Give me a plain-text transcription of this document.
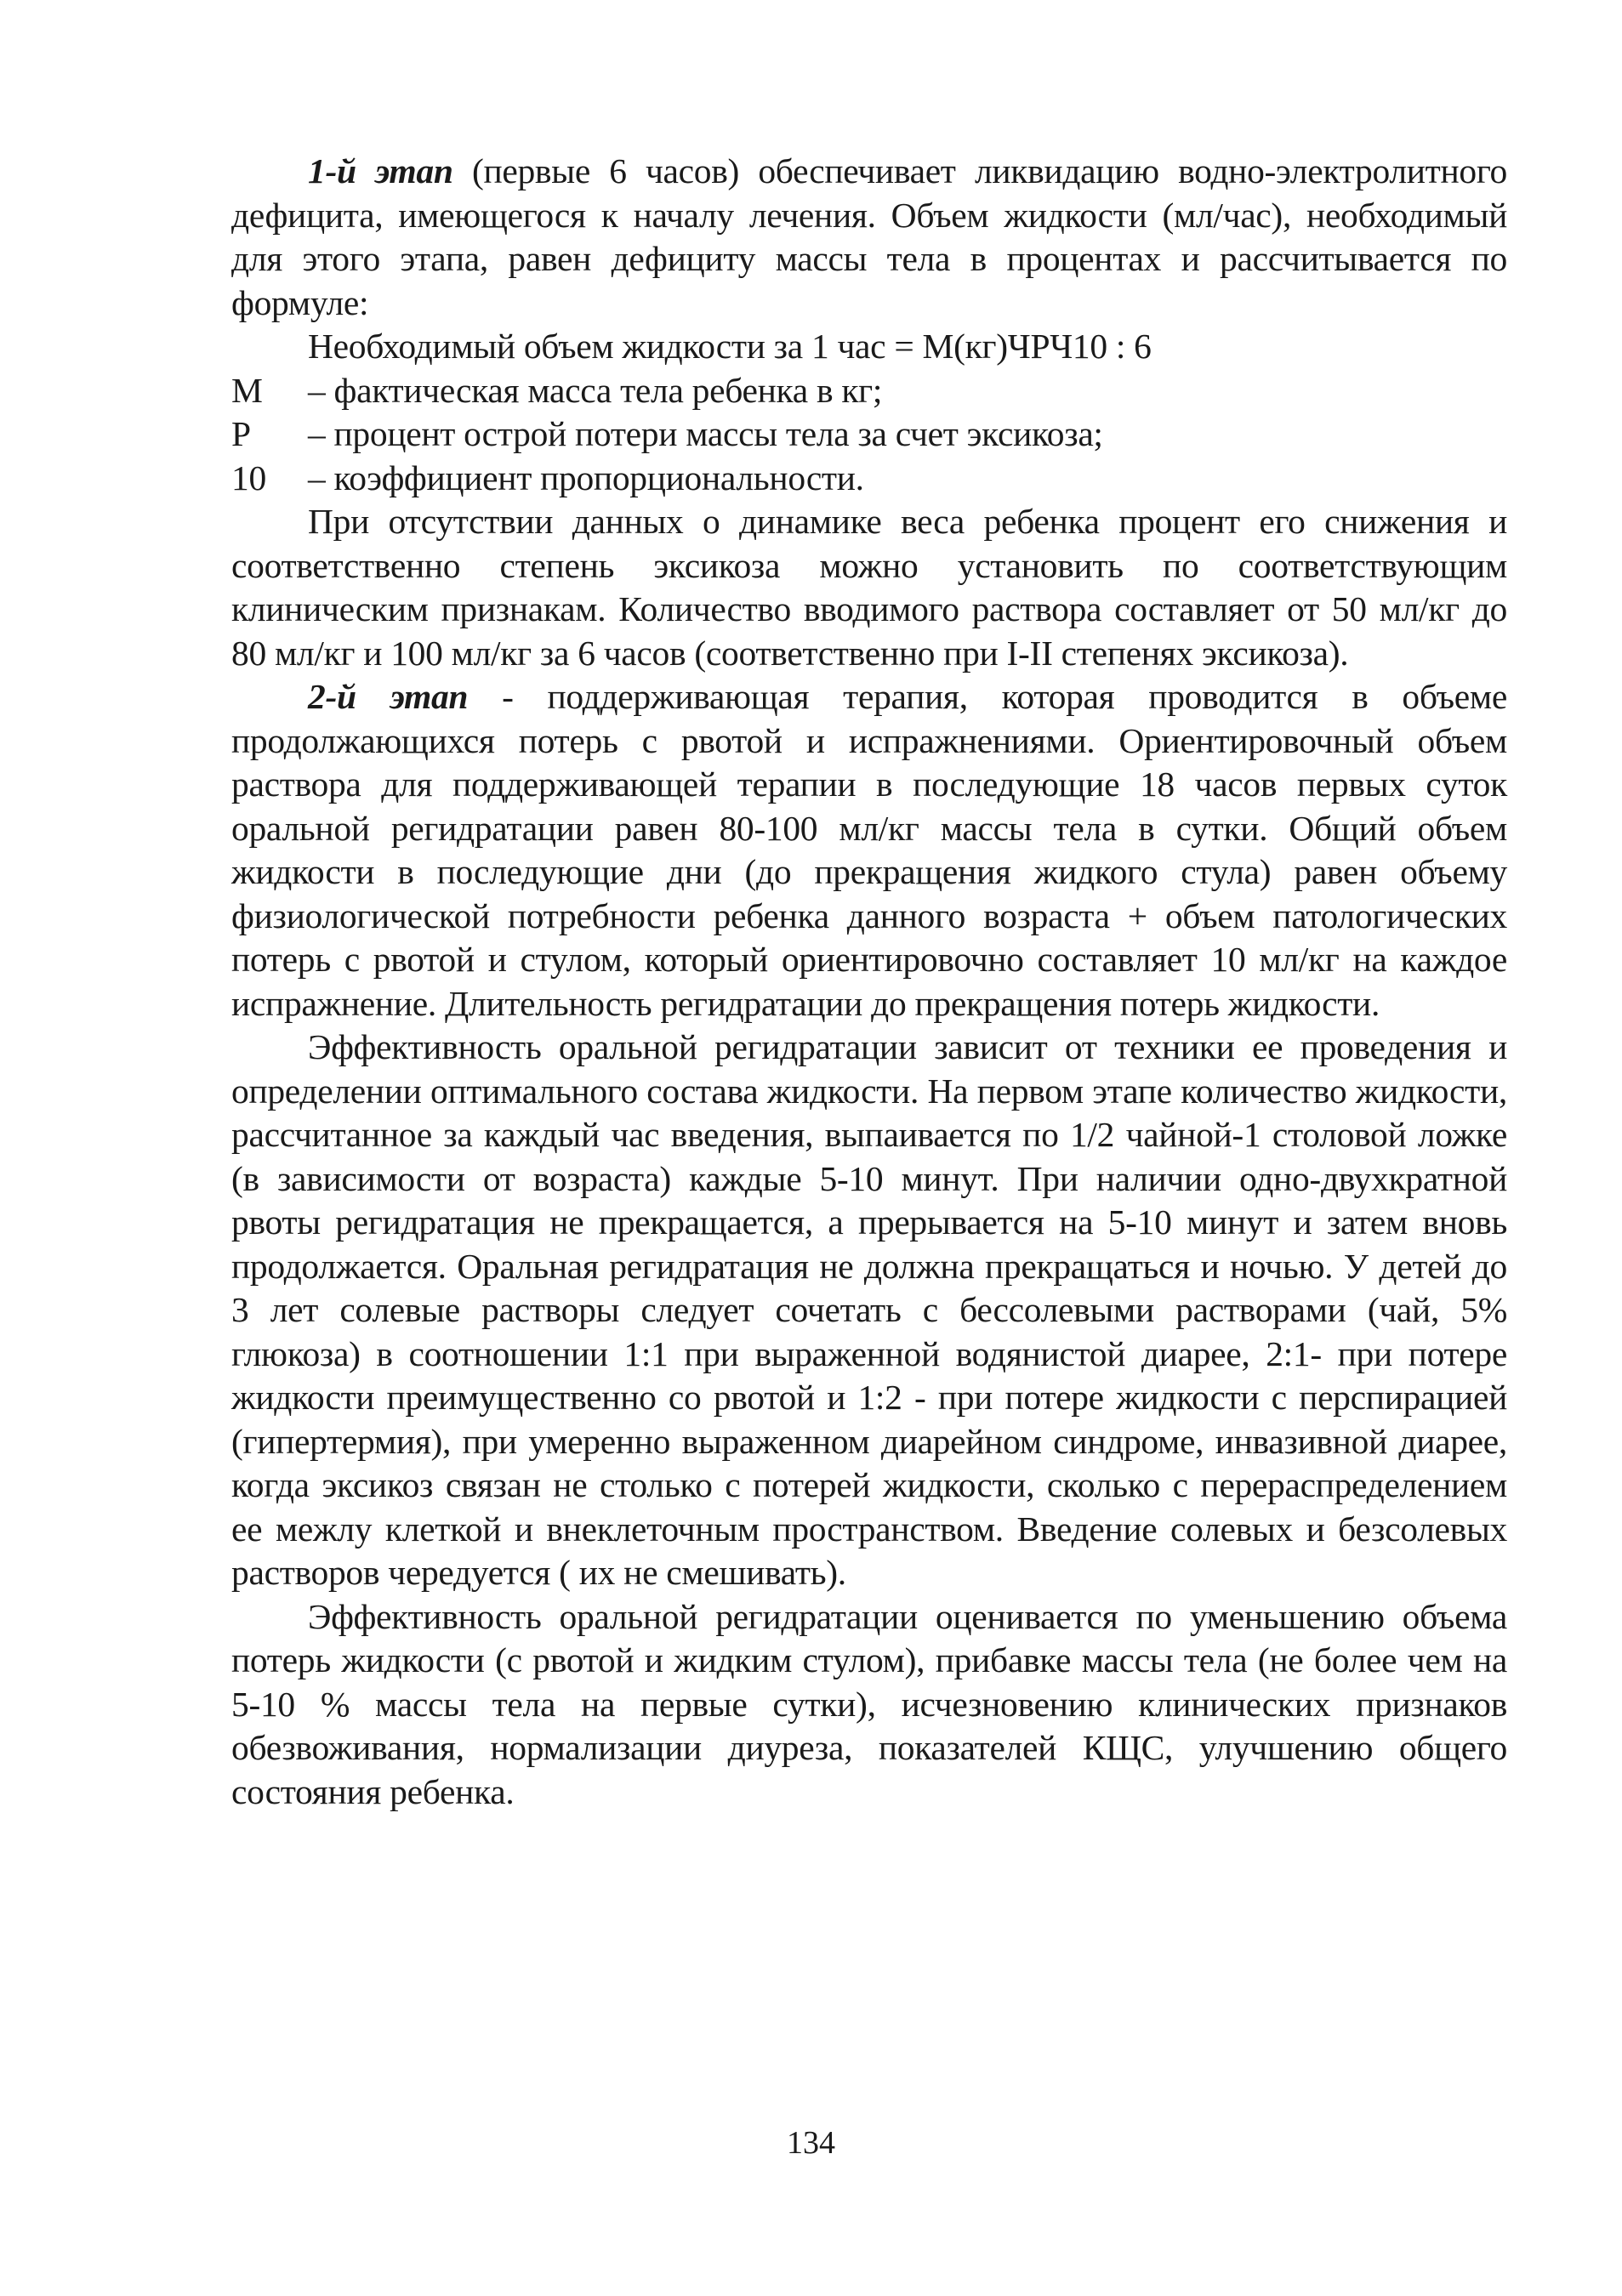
1-й этап (первые 6 часов) обеспечивает ликвидацию водно-электролитного дефицита, имеющегося к началу лечения. Объем жидкости (мл/час), необходимый для этого этапа, равен дефициту массы тела в процентах и рассчитывается по формуле:

Необходимый объем жидкости за 1 час = М(кг)ЧРЧ10 : 6

М	– фактическая масса тела ребенка в кг;
Р	– процент острой потери массы тела за счет эксикоза;
10	– коэффициент пропорциональности.

При отсутствии данных о динамике веса ребенка процент его снижения и соответственно степень эксикоза можно установить по соответствующим клиническим признакам. Количество вводимого раствора составляет от 50 мл/кг до 80 мл/кг и 100 мл/кг за 6 часов (соответственно при I-II степенях эксикоза).

2-й этап - поддерживающая терапия, которая проводится в объеме продолжающихся потерь с рвотой и испражнениями. Ориентировочный объем раствора для поддерживающей терапии в последующие 18 часов первых суток оральной регидратации равен 80-100 мл/кг массы тела в сутки. Общий объем жидкости в последующие дни (до прекращения жидкого стула) равен объему физиологической потребности ребенка данного возраста + объем патологических потерь с рвотой и стулом, который ориентировочно составляет 10 мл/кг на каждое испражнение. Длительность регидратации до прекращения потерь жидкости.

Эффективность оральной регидратации зависит от техники ее проведения и определении оптимального состава жидкости. На первом этапе количество жидкости, рассчитанное за каждый час введения, выпаивается по 1/2 чайной-1 столовой ложке (в зависимости от возраста) каждые 5-10 минут. При наличии одно-двухкратной рвоты регидратация не прекращается, а прерывается на 5-10 минут и затем вновь продолжается. Оральная регидратация не должна прекращаться и ночью. У детей до 3 лет солевые растворы следует сочетать с бессолевыми растворами (чай, 5% глюкоза) в соотношении 1:1 при выраженной водянистой диарее, 2:1- при потере жидкости преимущественно со рвотой и 1:2 - при потере жидкости с перспирацией (гипертермия), при умеренно выраженном диарейном синдроме, инвазивной диарее, когда эксикоз связан не столько с потерей жидкости, сколько с перераспределением ее межлу клеткой и внеклеточным пространством. Введение солевых и безсолевых растворов чередуется ( их не смешивать).

Эффективность оральной регидратации оценивается по уменьшению объема потерь жидкости (с рвотой и жидким стулом), прибавке массы тела (не более чем на 5-10 % массы тела на первые сутки), исчезновению клинических признаков обезвоживания, нормализации диуреза, показателей КЩС, улучшению общего состояния ребенка.

134
